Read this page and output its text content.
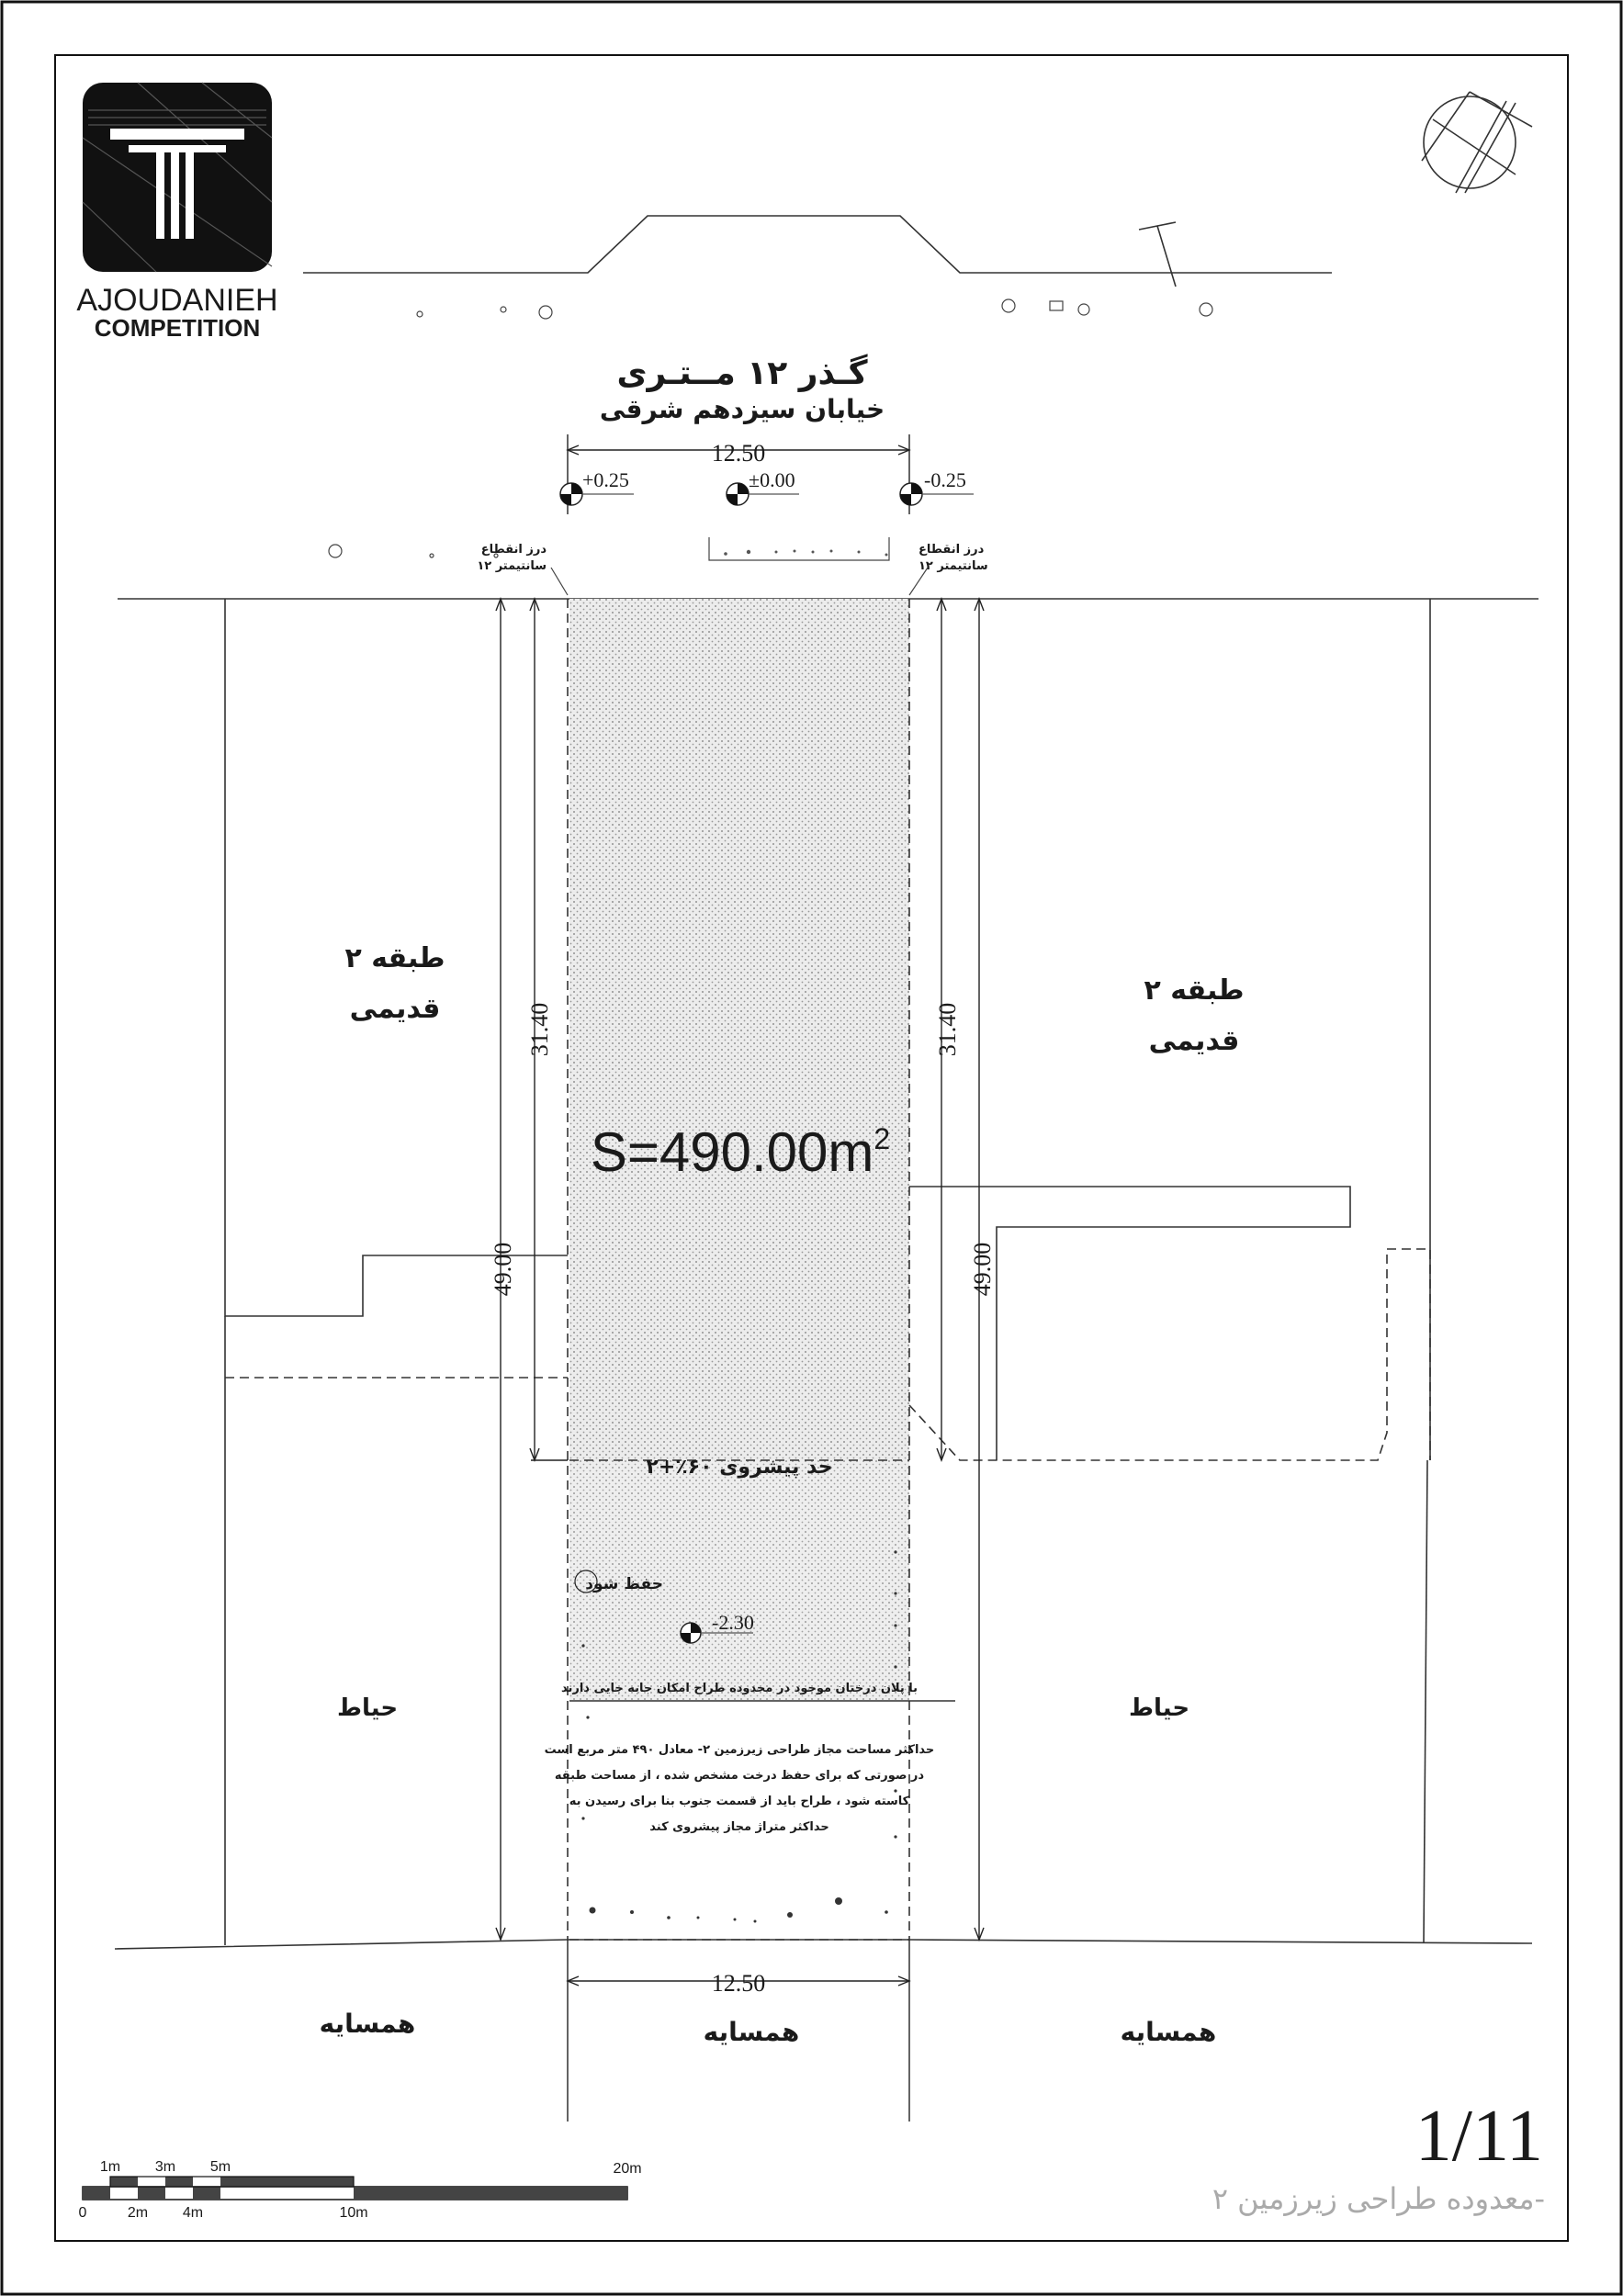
AJOUDANIEH
COMPETITION
گـذر ۱۲ مــتـری
خیابان سیزدهم شرقی
12.50
+0.25	±0.00	-0.25
درز انقطاع
۱۲ سانتیمتر
درز انقطاع
۱۲ سانتیمتر
31.40
49.00
31.40
49.00
$S=490.00m^2$
حد پیشروی ۶۰٪+۲
حفظ شود
-2.30
با پلان درختان موجود در محدوده طراح امکان جابه جایی دارند
حداکثر مساحت مجاز طراحی زیرزمین ۲- معادل ۴۹۰ متر مربع است
در صورتی که برای حفظ درخت مشخص شده ، از مساحت طبقه
کاسته شود ، طراح باید از قسمت جنوب بنا برای رسیدن به
حداکثر متراژ مجاز پیشروی کند
۲ طبقه
قدیمی
۲ طبقه
قدیمی
حیاط	حیاط
12.50
همسایه	همسایه	همسایه
1m 3m 5m	20m
0	2m 4m	10m
1/11
معدوده طراحی زیرزمین ۲-
